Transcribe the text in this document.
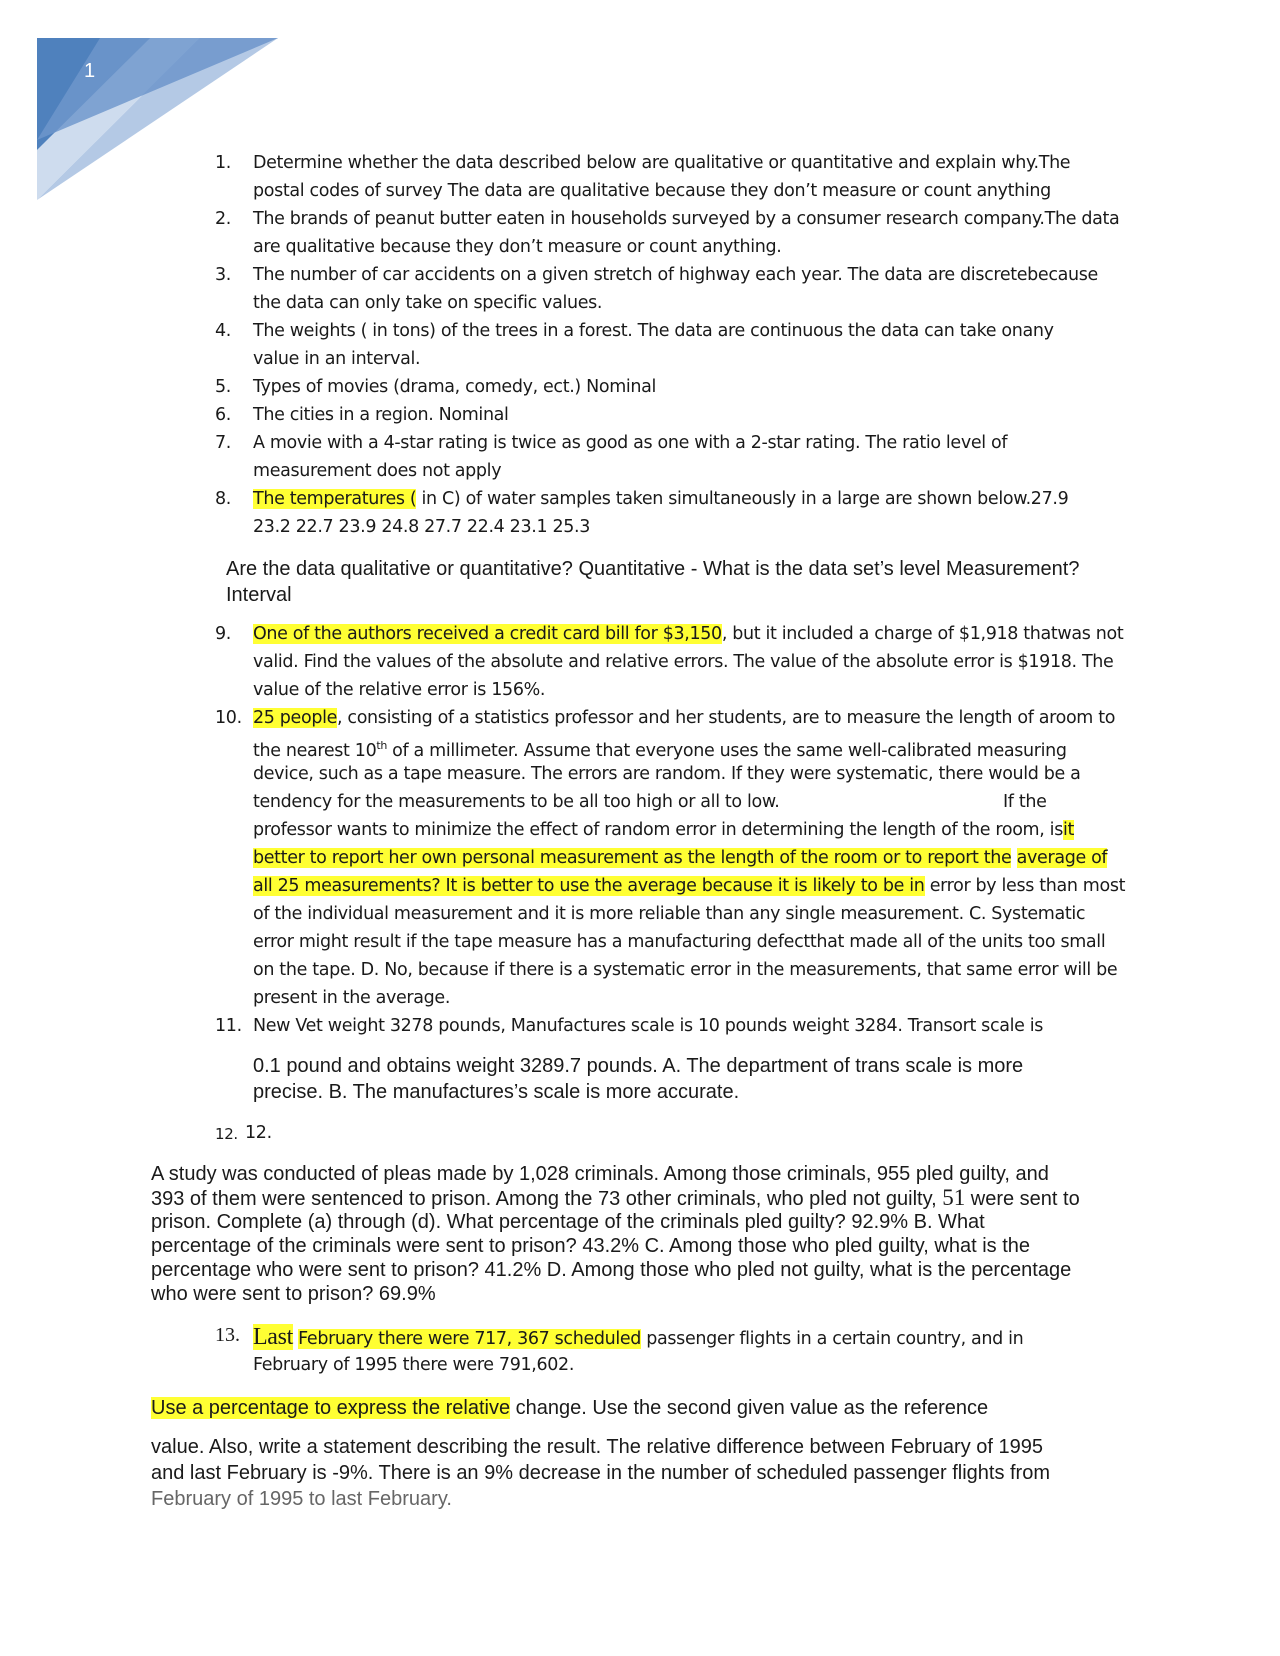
1
1. Determine whether the data described below are qualitative or quantitative and explain why.The
postal codes of survey The data are qualitative because they don’t measure or count anything
2. The brands of peanut butter eaten in households surveyed by a consumer research company.The data
are qualitative because they don’t measure or count anything.
3. The number of car accidents on a given stretch of highway each year. The data are discretebecause
the data can only take on specific values.
4. The weights ( in tons) of the trees in a forest. The data are continuous the data can take onany
value in an interval.
5. Types of movies (drama, comedy, ect.) Nominal
6. The cities in a region. Nominal
7. A movie with a 4-star rating is twice as good as one with a 2-star rating. The ratio level of
measurement does not apply
8. The temperatures ( in C) of water samples taken simultaneously in a large are shown below.27.9
23.2 22.7 23.9 24.8 27.7 22.4 23.1 25.3
Are the data qualitative or quantitative? Quantitative - What is the data set’s level Measurement?
Interval
9. One of the authors received a credit card bill for $3,150, but it included a charge of $1,918 thatwas not
valid. Find the values of the absolute and relative errors. The value of the absolute error is $1918. The
value of the relative error is 156%.
10. 25 people, consisting of a statistics professor and her students, are to measure the length of aroom to
the nearest 10th of a millimeter. Assume that everyone uses the same well-calibrated measuring
device, such as a tape measure. The errors are random. If they were systematic, there would be a
tendency for the measurements to be all too high or all to low.	If the
professor wants to minimize the effect of random error in determining the length of the room, isit
better to report her own personal measurement as the length of the room or to report the average of
all 25 measurements? It is better to use the average because it is likely to be in error by less than most
of the individual measurement and it is more reliable than any single measurement. C. Systematic
error might result if the tape measure has a manufacturing defectthat made all of the units too small
on the tape. D. No, because if there is a systematic error in the measurements, that same error will be
present in the average.
11. New Vet weight 3278 pounds, Manufactures scale is 10 pounds weight 3284. Transort scale is
0.1 pound and obtains weight 3289.7 pounds. A. The department of trans scale is more
precise. B. The manufactures’s scale is more accurate.
12. 12.
A study was conducted of pleas made by 1,028 criminals. Among those criminals, 955 pled guilty, and
393 of them were sentenced to prison. Among the 73 other criminals, who pled not guilty, 51 were sent to
prison. Complete (a) through (d). What percentage of the criminals pled guilty? 92.9% B. What
percentage of the criminals were sent to prison? 43.2% C. Among those who pled guilty, what is the
percentage who were sent to prison? 41.2% D. Among those who pled not guilty, what is the percentage
who were sent to prison? 69.9%
13. Last February there were 717, 367 scheduled passenger flights in a certain country, and in
February of 1995 there were 791,602.
Use a percentage to express the relative change. Use the second given value as the reference
value. Also, write a statement describing the result. The relative difference between February of 1995
and last February is -9%. There is an 9% decrease in the number of scheduled passenger flights from
February of 1995 to last February.
